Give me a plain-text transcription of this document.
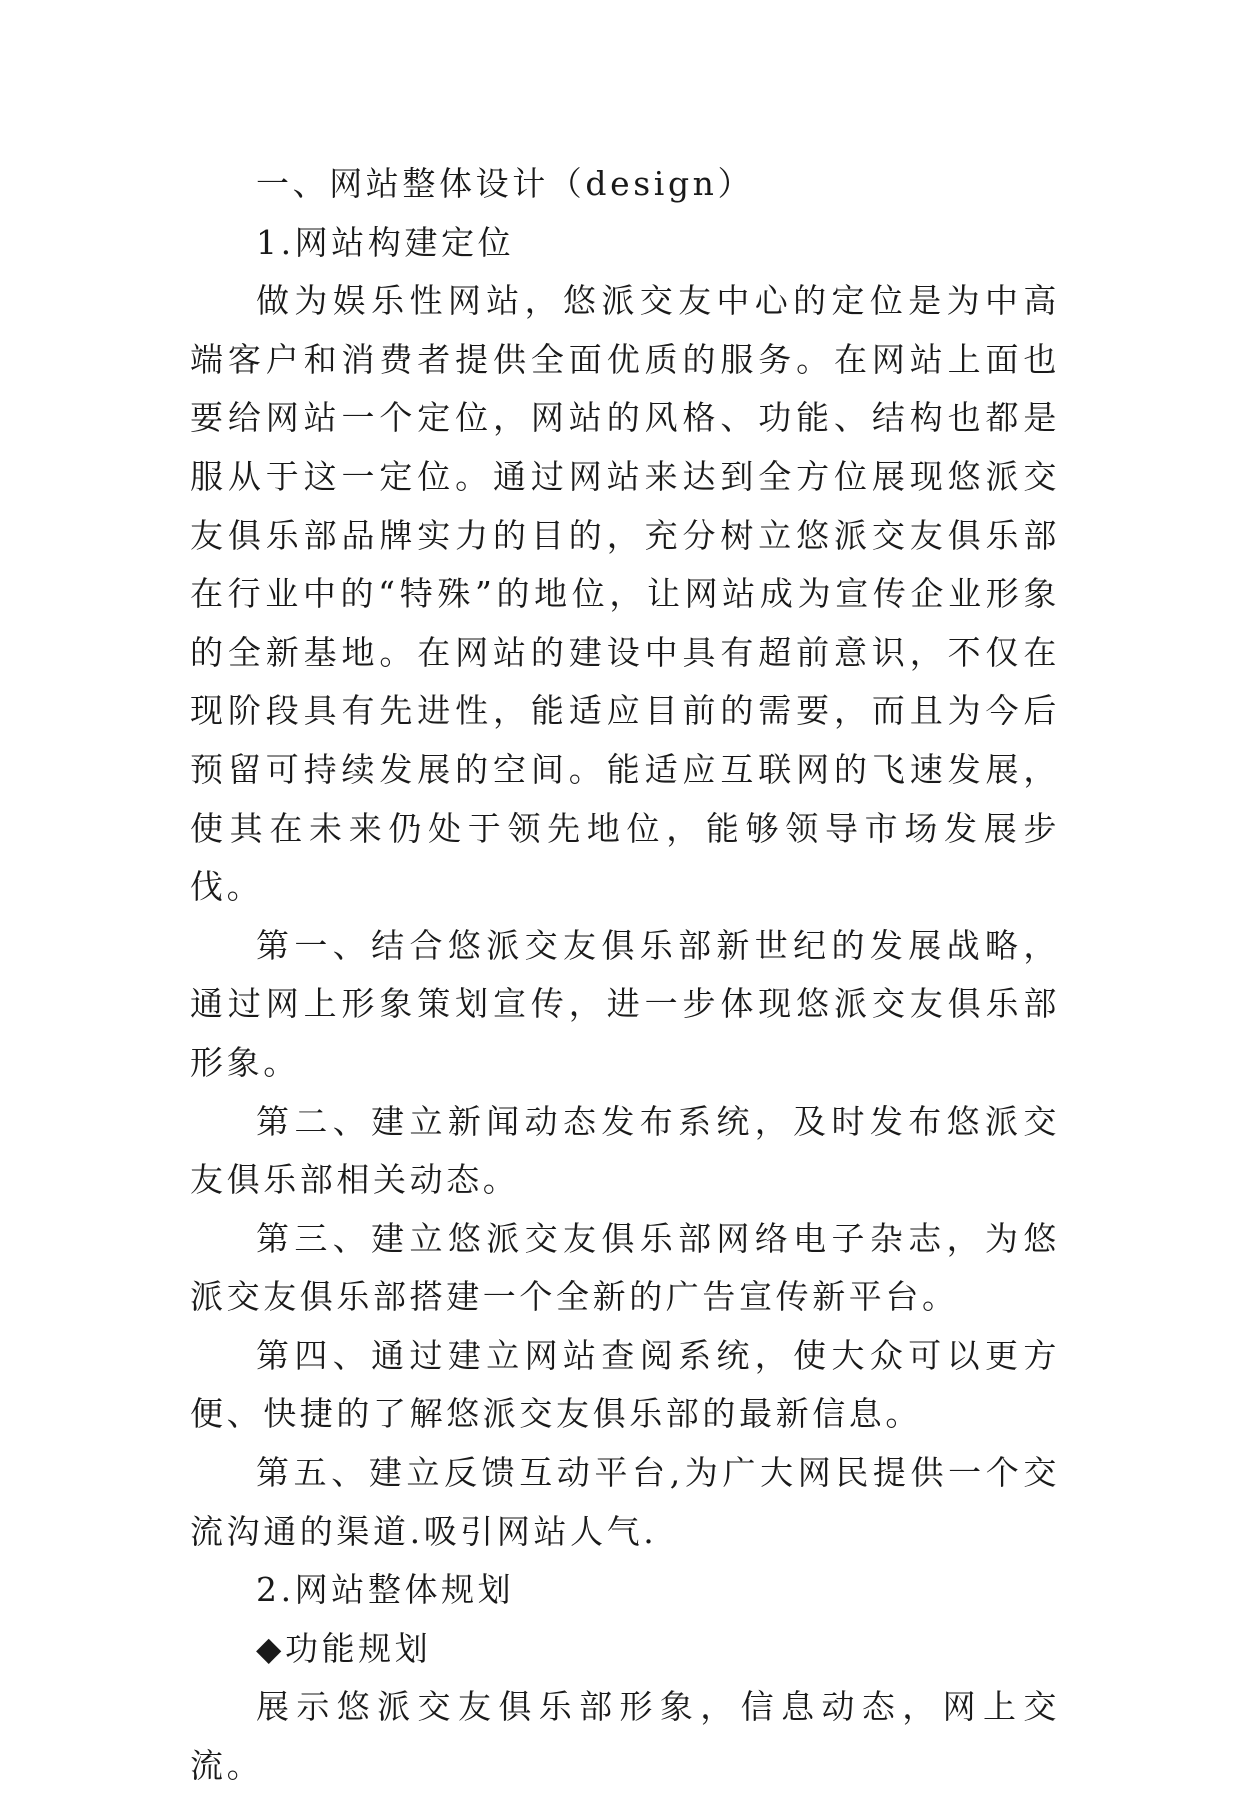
一、网站整体设计（design）

1.网站构建定位

做为娱乐性网站，悠派交友中心的定位是为中高端客户和消费者提供全面优质的服务。在网站上面也要给网站一个定位，网站的风格、功能、结构也都是服从于这一定位。通过网站来达到全方位展现悠派交友俱乐部品牌实力的目的，充分树立悠派交友俱乐部在行业中的“特殊”的地位，让网站成为宣传企业形象的全新基地。在网站的建设中具有超前意识，不仅在现阶段具有先进性，能适应目前的需要，而且为今后预留可持续发展的空间。能适应互联网的飞速发展，使其在未来仍处于领先地位，能够领导市场发展步伐。

第一、结合悠派交友俱乐部新世纪的发展战略，通过网上形象策划宣传，进一步体现悠派交友俱乐部形象。

第二、建立新闻动态发布系统，及时发布悠派交友俱乐部相关动态。

第三、建立悠派交友俱乐部网络电子杂志，为悠派交友俱乐部搭建一个全新的广告宣传新平台。

第四、通过建立网站查阅系统，使大众可以更方便、快捷的了解悠派交友俱乐部的最新信息。

第五、建立反馈互动平台,为广大网民提供一个交流沟通的渠道.吸引网站人气.

2.网站整体规划

◆功能规划

展示悠派交友俱乐部形象，信息动态，网上交流。
